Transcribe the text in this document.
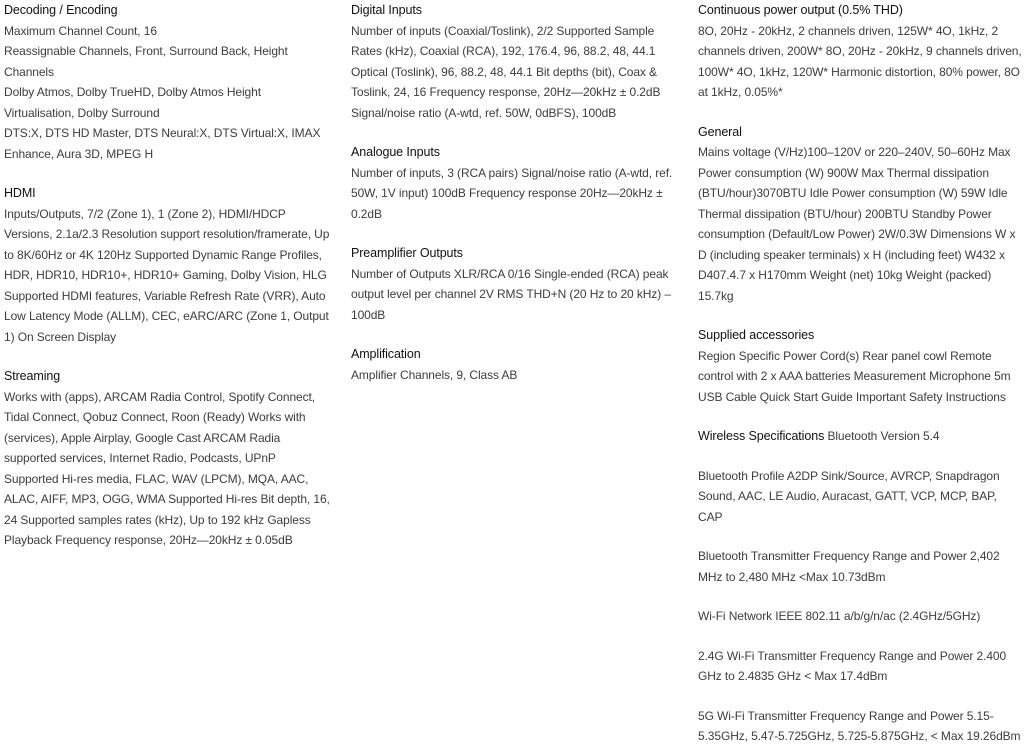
Decoding / Encoding
Maximum Channel Count, 16
Reassignable Channels, Front, Surround Back, Height Channels
Dolby Atmos, Dolby TrueHD, Dolby Atmos Height Virtualisation, Dolby Surround
DTS:X, DTS HD Master, DTS Neural:X, DTS Virtual:X, IMAX Enhance, Aura 3D, MPEG H
HDMI
Inputs/Outputs, 7/2 (Zone 1), 1 (Zone 2), HDMI/HDCP Versions, 2.1a/2.3 Resolution support resolution/framerate, Up to 8K/60Hz or 4K 120Hz Supported Dynamic Range Profiles, HDR, HDR10, HDR10+, HDR10+ Gaming, Dolby Vision, HLG Supported HDMI features, Variable Refresh Rate (VRR), Auto Low Latency Mode (ALLM), CEC, eARC/ARC (Zone 1, Output 1) On Screen Display
Streaming
Works with (apps), ARCAM Radia Control, Spotify Connect, Tidal Connect, Qobuz Connect, Roon (Ready) Works with (services), Apple Airplay, Google Cast ARCAM Radia supported services, Internet Radio, Podcasts, UPnP Supported Hi-res media, FLAC, WAV (LPCM), MQA, AAC, ALAC, AIFF, MP3, OGG, WMA Supported Hi-res Bit depth, 16, 24 Supported samples rates (kHz), Up to 192 kHz Gapless Playback Frequency response, 20Hz—20kHz ± 0.05dB
Digital Inputs
Number of inputs (Coaxial/Toslink), 2/2 Supported Sample Rates (kHz), Coaxial (RCA), 192, 176.4, 96, 88.2, 48, 44.1 Optical (Toslink), 96, 88.2, 48, 44.1 Bit depths (bit), Coax & Toslink, 24, 16 Frequency response, 20Hz—20kHz ± 0.2dB Signal/noise ratio (A-wtd, ref. 50W, 0dBFS), 100dB
Analogue Inputs
Number of inputs, 3 (RCA pairs) Signal/noise ratio (A-wtd, ref. 50W, 1V input) 100dB Frequency response 20Hz—20kHz ± 0.2dB
Preamplifier Outputs
Number of Outputs XLR/RCA 0/16 Single-ended (RCA) peak output level per channel 2V RMS THD+N (20 Hz to 20 kHz) – 100dB
Amplification
Amplifier Channels, 9, Class AB
Continuous power output (0.5% THD)
8O, 20Hz - 20kHz, 2 channels driven, 125W* 4O, 1kHz, 2 channels driven, 200W* 8O, 20Hz - 20kHz, 9 channels driven, 100W* 4O, 1kHz, 120W* Harmonic distortion, 80% power, 8O at 1kHz, 0.05%*
General
Mains voltage (V/Hz)100–120V or 220–240V, 50–60Hz Max Power consumption (W) 900W Max Thermal dissipation (BTU/hour)3070BTU Idle Power consumption (W) 59W Idle Thermal dissipation (BTU/hour) 200BTU Standby Power consumption (Default/Low Power) 2W/0.3W Dimensions W x D (including speaker terminals) x H (including feet) W432 x D407.4.7 x H170mm Weight (net) 10kg Weight (packed) 15.7kg
Supplied accessories
Region Specific Power Cord(s) Rear panel cowl Remote control with 2 x AAA batteries Measurement Microphone 5m USB Cable Quick Start Guide Important Safety Instructions

Wireless Specifications Bluetooth Version 5.4

Bluetooth Profile A2DP Sink/Source, AVRCP, Snapdragon Sound, AAC, LE Audio, Auracast, GATT, VCP, MCP, BAP, CAP

Bluetooth Transmitter Frequency Range and Power 2,402 MHz to 2,480 MHz <Max 10.73dBm

Wi-Fi Network IEEE 802.11 a/b/g/n/ac (2.4GHz/5GHz)

2.4G Wi-Fi Transmitter Frequency Range and Power 2.400 GHz to 2.4835 GHz < Max 17.4dBm

5G Wi-Fi Transmitter Frequency Range and Power 5.15-5.35GHz, 5.47-5.725GHz, 5.725-5.875GHz, < Max 19.26dBm
